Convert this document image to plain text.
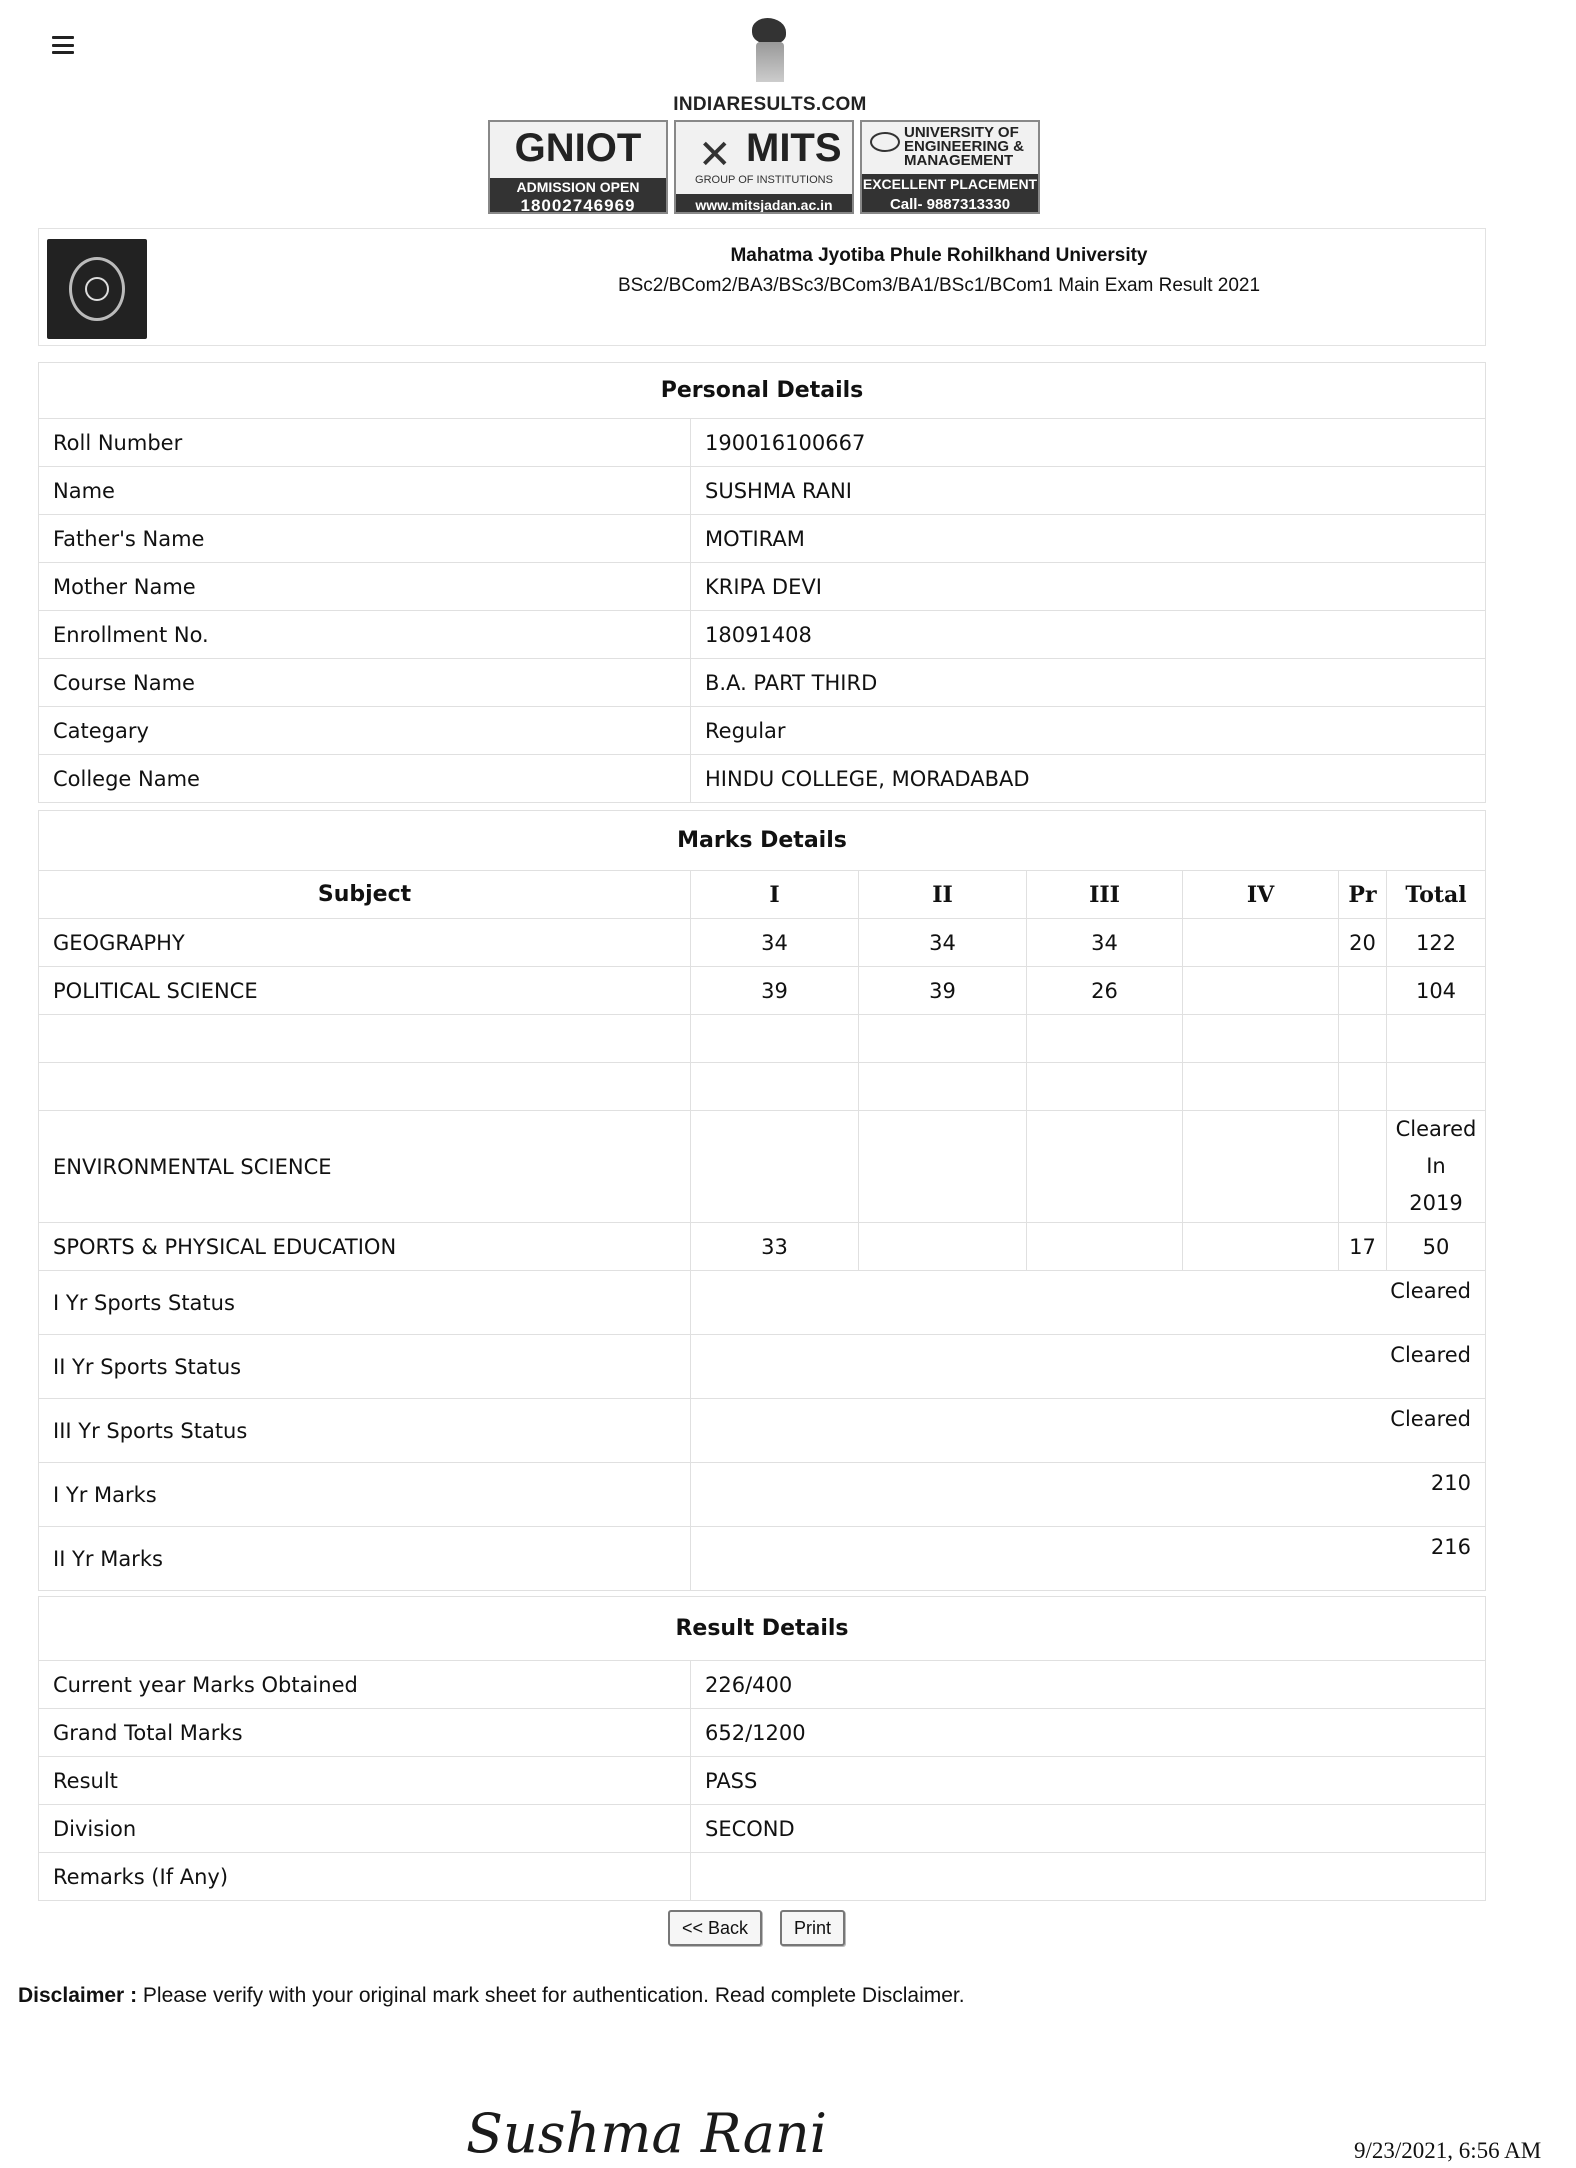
INDIARESULTS.COM
GNIOT
ADMISSION OPEN
18002746969
✕ MITS
GROUP OF INSTITUTIONS
www.mitsjadan.ac.in
UNIVERSITY OF ENGINEERING & MANAGEMENT
EXCELLENT PLACEMENT
Call- 9887313330
Mahatma Jyotiba Phule Rohilkhand University
BSc2/BCom2/BA3/BSc3/BCom3/BA1/BSc1/BCom1 Main Exam Result 2021
Personal Details	
Roll Number	190016100667
Name	SUSHMA RANI
Father's Name	MOTIRAM
Mother Name	KRIPA DEVI
Enrollment No.	18091408
Course Name	B.A. PART THIRD
Categary	Regular
College Name	HINDU COLLEGE, MORADABAD
Marks Details						
Subject	I	II	III	IV	Pr	Total
GEOGRAPHY	34	34	34		20	122
POLITICAL SCIENCE	39	39	26			104

ENVIRONMENTAL SCIENCE						Cleared
In
2019

SPORTS & PHYSICAL EDUCATION	33				17	50
I Yr Sports Status	Cleared					
II Yr Sports Status	Cleared					
III Yr Sports Status	Cleared					
I Yr Marks	210					
II Yr Marks	216					
Result Details	
Current year Marks Obtained	226/400
Grand Total Marks	652/1200
Result	PASS
Division	SECOND
Remarks (If Any)	
<< Back	Print
Disclaimer : Please verify with your original mark sheet for authentication. Read complete Disclaimer.
Sushma Rani	9/23/2021, 6:56 AM
